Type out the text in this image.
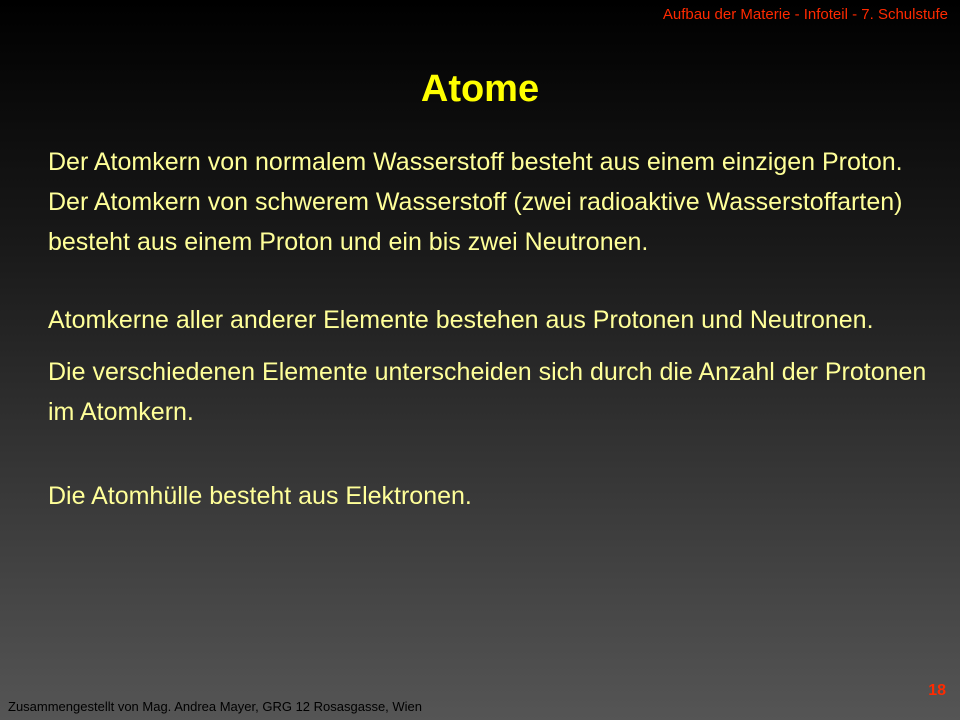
Aufbau der Materie - Infoteil - 7. Schulstufe
Atome

Der Atomkern von normalem Wasserstoff besteht aus einem einzigen Proton.

Der Atomkern von schwerem Wasserstoff (zwei radioaktive Wasserstoffarten) besteht aus einem Proton und ein bis zwei Neutronen.

Atomkerne aller anderer Elemente bestehen aus Protonen und Neutronen.

Die verschiedenen Elemente unterscheiden sich durch die Anzahl der Protonen im Atomkern.

Die Atomhülle besteht aus Elektronen.

Zusammengestellt von Mag. Andrea Mayer, GRG 12 Rosasgasse, Wien
18
